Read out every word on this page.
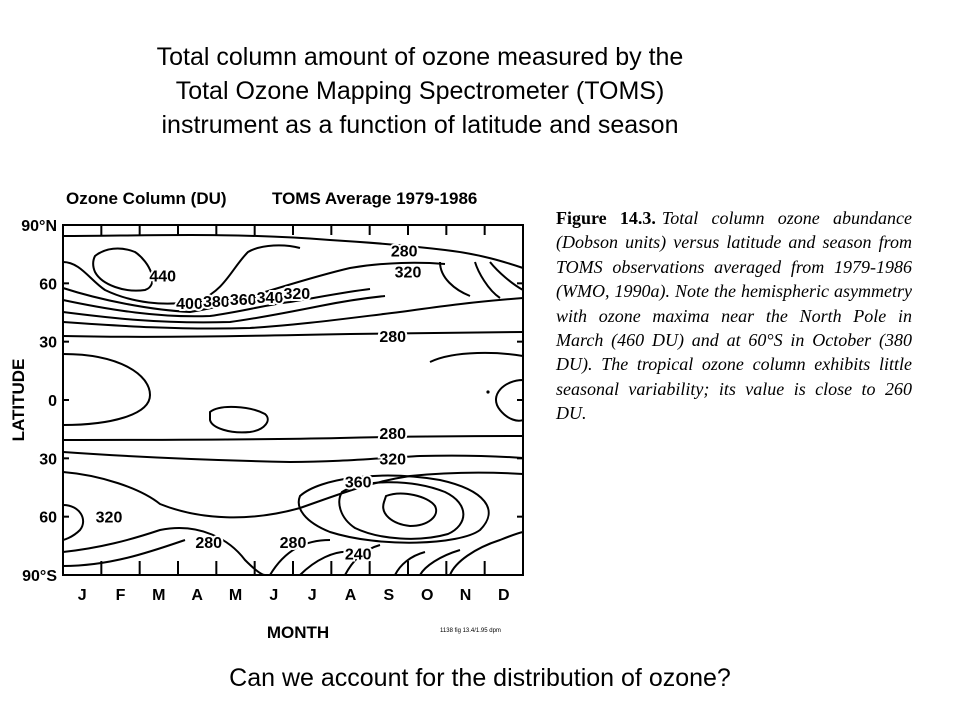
Total column amount of ozone measured by the
Total Ozone Mapping Spectrometer (TOMS)
instrument as a function of latitude and season
Ozone Column (DU)	TOMS Average 1979-1986
90°N
60
30
0
30
60
90°S
J F M A M J J A S O N D
440
400 380 360 340 320
280
320
280
280
320
360
320
280	280
240
LATITUDE
MONTH	1138 fig 13.4/1.95 dpm
Figure 14.3. Total column ozone abundance (Dobson units) versus latitude and season from TOMS observations averaged from 1979-1986 (WMO, 1990a). Note the hemispheric asymmetry with ozone maxima near the North Pole in March (460 DU) and at 60°S in October (380 DU). The tropical ozone column exhibits little seasonal variability; its value is close to 260 DU.
Can we account for the distribution of ozone?
